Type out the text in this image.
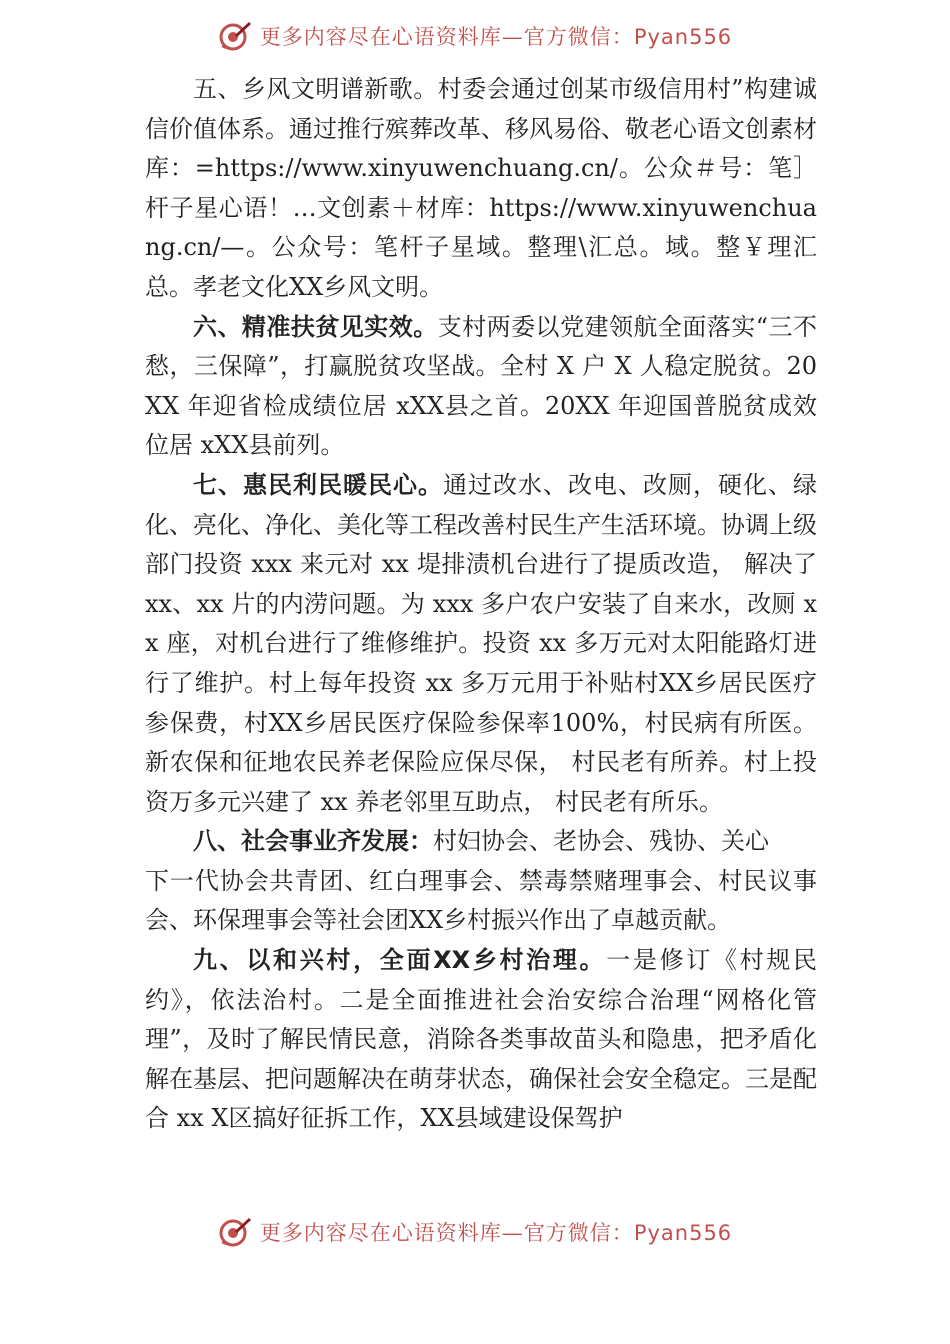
更多内容尽在心语资料库—官方微信：Pyan556

五、乡风文明谱新歌。村委会通过创某市级信用村”构建诚信价值体系。通过推行殡葬改革、移风易俗、敬老心语文创素材库：=https://www.xinyuwenchuang.cn/。公众＃号：笔］杆子星心语！…文创素＋材库：https://www.xinyuwenchuang.cn/—。公众号：笔杆子星域。整理\汇总。域。整￥理汇总。孝老文化XX乡风文明。

六、精准扶贫见实效。支村两委以党建领航全面落实“三不愁，三保障”，打赢脱贫攻坚战。全村 X 户 X 人稳定脱贫。20XX 年迎省检成绩位居 xXX县之首。20XX 年迎国普脱贫成效位居 xXX县前列。

七、惠民利民暖民心。通过改水、改电、改厕，硬化、绿化、亮化、净化、美化等工程改善村民生产生活环境。协调上级部门投资 xxx 来元对 xx 堤排渍机台进行了提质改造， 解决了 xx、xx 片的内涝问题。为 xxx 多户农户安装了自来水，改厕 xx 座，对机台进行了维修维护。投资 xx 多万元对太阳能路灯进行了维护。村上每年投资 xx 多万元用于补贴村XX乡居民医疗参保费，村XX乡居民医疗保险参保率100%，村民病有所医。新农保和征地农民养老保险应保尽保， 村民老有所养。村上投资万多元兴建了 xx 养老邻里互助点， 村民老有所乐。

八、社会事业齐发展：村妇协会、老协会、残协、关心
下一代协会共青团、红白理事会、禁毒禁赌理事会、村民议事会、环保理事会等社会团XX乡村振兴作出了卓越贡献。

九、以和兴村，全面XX乡村治理。一是修订《村规民约》，依法治村。二是全面推进社会治安综合治理“网格化管理”，及时了解民情民意，消除各类事故苗头和隐患，把矛盾化解在基层、把问题解决在萌芽状态，确保社会安全稳定。三是配合 xx X区搞好征拆工作，XX县域建设保驾护

更多内容尽在心语资料库—官方微信：Pyan556
